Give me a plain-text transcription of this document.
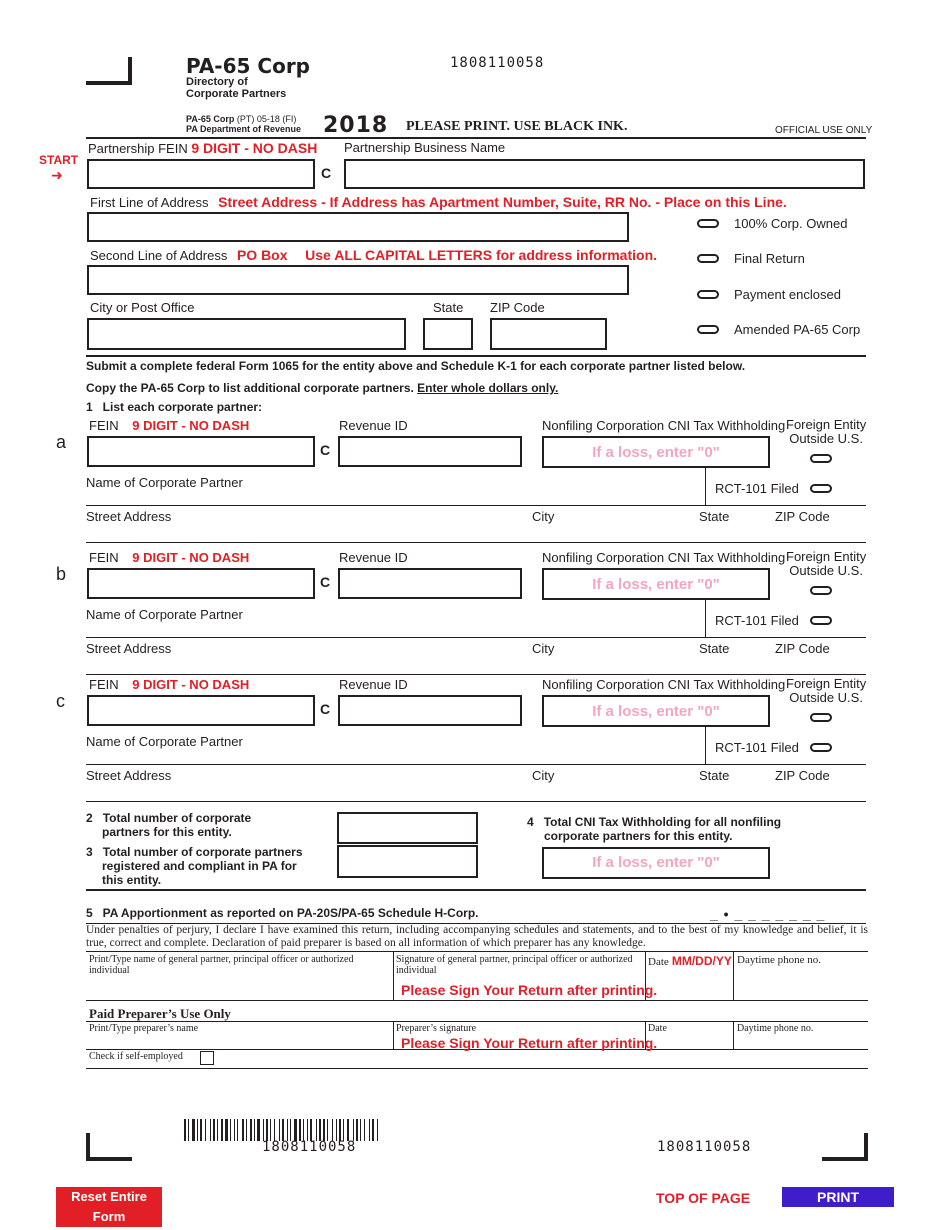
PA-65 Corp
Directory of
Corporate Partners
1808110058
PA-65 Corp (PT) 05-18 (FI)
PA Department of Revenue 2018 PLEASE PRINT. USE BLACK INK.	OFFICIAL USE ONLY
START
➜
Partnership FEIN 9 DIGIT - NO DASH
C
Partnership Business Name
First Line of Address Street Address - If Address has Apartment Number, Suite, RR No. - Place on this Line.
Second Line of Address PO Box Use ALL CAPITAL LETTERS for address information.
City or Post Office	State ZIP Code
100% Corp. Owned
Final Return
Payment enclosed
Amended PA-65 Corp
Submit a complete federal Form 1065 for the entity above and Schedule K-1 for each corporate partner listed below.
Copy the PA-65 Corp to list additional corporate partners. Enter whole dollars only.
1   List each corporate partner:
a
FEIN 9 DIGIT - NO DASH
C
Revenue ID	Nonfiling Corporation CNI Tax Withholding
If a loss, enter "0"
Foreign Entity
Outside U.S.
Name of Corporate Partner	RCT-101 Filed
Street Address	City	State	ZIP Code
b
FEIN 9 DIGIT - NO DASH
C
Revenue ID	Nonfiling Corporation CNI Tax Withholding
If a loss, enter "0"
Foreign Entity
Outside U.S.
Name of Corporate Partner	RCT-101 Filed
Street Address	City	State	ZIP Code
c
FEIN 9 DIGIT - NO DASH
C
Revenue ID	Nonfiling Corporation CNI Tax Withholding
If a loss, enter "0"
Foreign Entity
Outside U.S.
Name of Corporate Partner	RCT-101 Filed
Street Address	City	State	ZIP Code
2 Total number of corporate
partners for this entity.
3 Total number of corporate partners
registered and compliant in PA for
this entity.
4 Total CNI Tax Withholding for all nonfiling
corporate partners for this entity.
If a loss, enter "0"
5   PA Apportionment as reported on PA-20S/PA-65 Schedule H-Corp.	_ • _ _ _ _ _ _ _
Under penalties of perjury, I declare I have examined this return, including accompanying schedules and statements, and to the best of my knowledge and belief, it is true, correct and complete. Declaration of paid preparer is based on all information of which preparer has any knowledge.
Print/Type name of general partner, principal officer or authorized individual
Signature of general partner, principal officer or authorized individual
Please Sign Your Return after printing.
Date MM/DD/YY Daytime phone no.
Paid Preparer’s Use Only
Print/Type preparer’s name	Preparer’s signature
Please Sign Your Return after printing.
Date	Daytime phone no.
Check if self-employed
1808110058	1808110058
Reset Entire Form
TOP OF PAGE	PRINT
